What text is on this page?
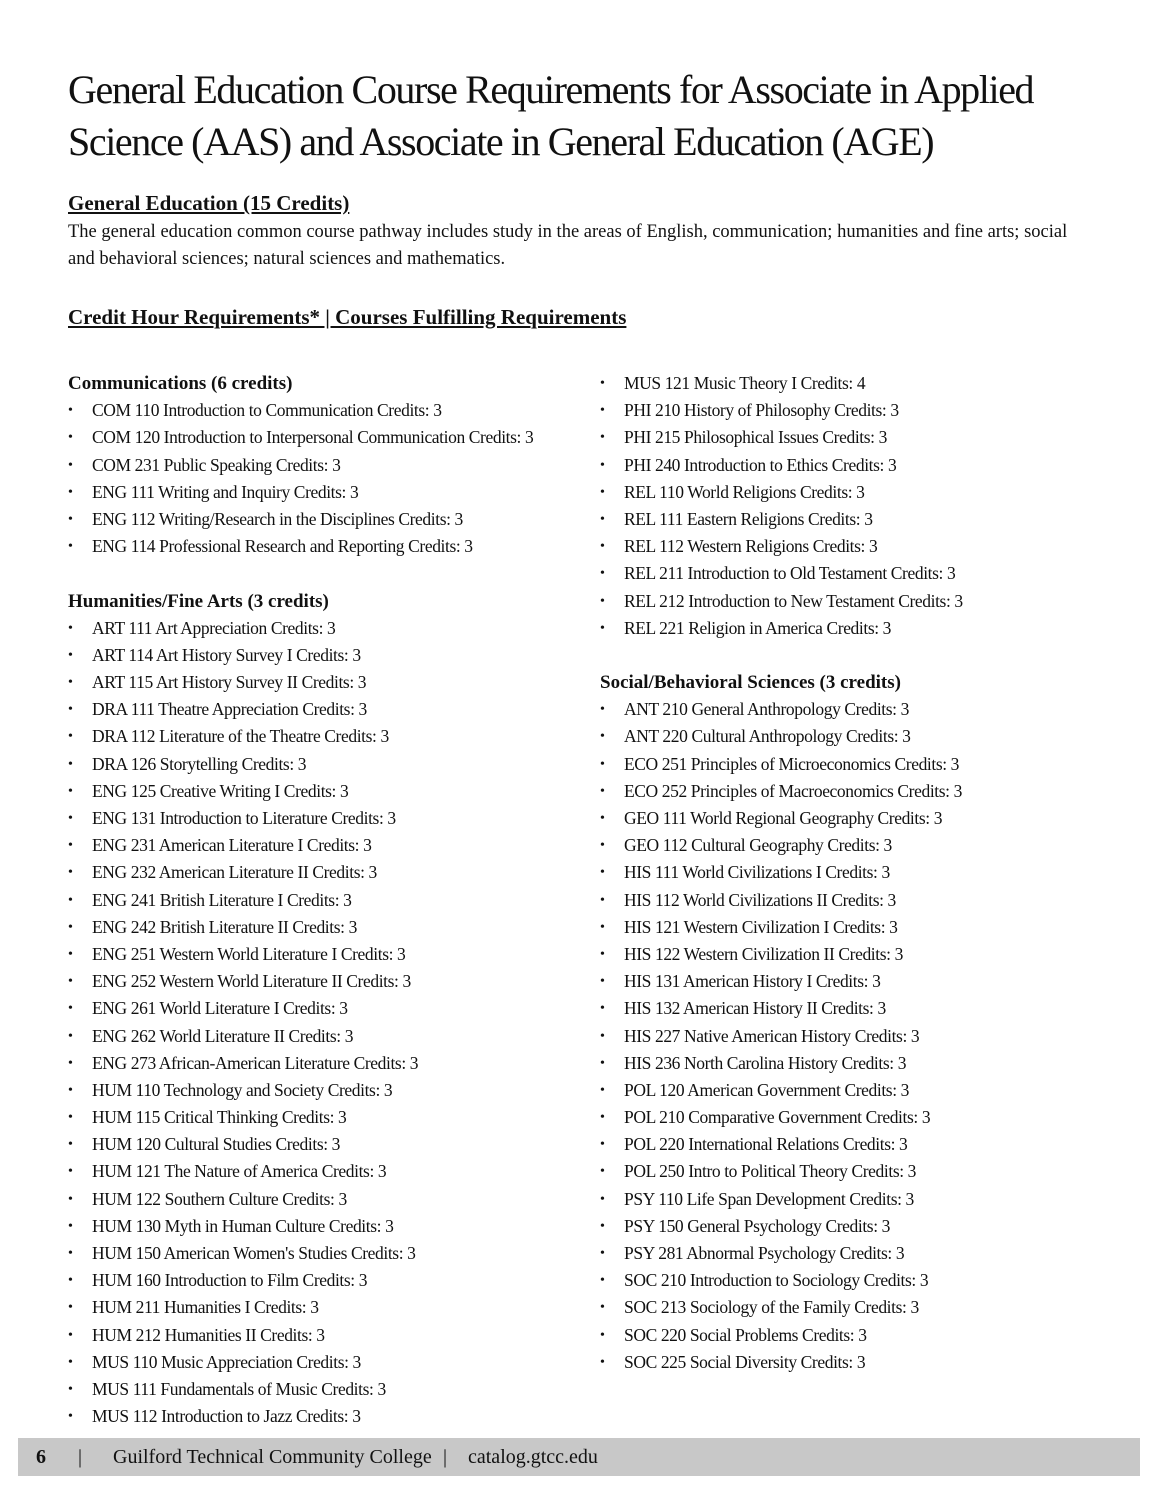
General Education Course Requirements for Associate in Applied Science (AAS) and Associate in General Education (AGE)
General Education (15 Credits)

The general education common course pathway includes study in the areas of English, communication; humanities and fine arts; social and behavioral sciences; natural sciences and mathematics.

Credit Hour Requirements* | Courses Fulfilling Requirements
Communications (6 credits)
• COM 110 Introduction to Communication Credits: 3
• COM 120 Introduction to Interpersonal Communication Credits: 3
• COM 231 Public Speaking Credits: 3
• ENG 111 Writing and Inquiry Credits: 3
• ENG 112 Writing/Research in the Disciplines Credits: 3
• ENG 114 Professional Research and Reporting Credits: 3
Humanities/Fine Arts (3 credits)
• ART 111 Art Appreciation Credits: 3
• ART 114 Art History Survey I Credits: 3
• ART 115 Art History Survey II Credits: 3
• DRA 111 Theatre Appreciation Credits: 3
• DRA 112 Literature of the Theatre Credits: 3
• DRA 126 Storytelling Credits: 3
• ENG 125 Creative Writing I Credits: 3
• ENG 131 Introduction to Literature Credits: 3
• ENG 231 American Literature I Credits: 3
• ENG 232 American Literature II Credits: 3
• ENG 241 British Literature I Credits: 3
• ENG 242 British Literature II Credits: 3
• ENG 251 Western World Literature I Credits: 3
• ENG 252 Western World Literature II Credits: 3
• ENG 261 World Literature I Credits: 3
• ENG 262 World Literature II Credits: 3
• ENG 273 African-American Literature Credits: 3
• HUM 110 Technology and Society Credits: 3
• HUM 115 Critical Thinking Credits: 3
• HUM 120 Cultural Studies Credits: 3
• HUM 121 The Nature of America Credits: 3
• HUM 122 Southern Culture Credits: 3
• HUM 130 Myth in Human Culture Credits: 3
• HUM 150 American Women's Studies Credits: 3
• HUM 160 Introduction to Film Credits: 3
• HUM 211 Humanities I Credits: 3
• HUM 212 Humanities II Credits: 3
• MUS 110 Music Appreciation Credits: 3
• MUS 111 Fundamentals of Music Credits: 3
• MUS 112 Introduction to Jazz Credits: 3
• MUS 121 Music Theory I Credits: 4
• PHI 210 History of Philosophy Credits: 3
• PHI 215 Philosophical Issues Credits: 3
• PHI 240 Introduction to Ethics Credits: 3
• REL 110 World Religions Credits: 3
• REL 111 Eastern Religions Credits: 3
• REL 112 Western Religions Credits: 3
• REL 211 Introduction to Old Testament Credits: 3
• REL 212 Introduction to New Testament Credits: 3
• REL 221 Religion in America Credits: 3
Social/Behavioral Sciences (3 credits)
• ANT 210 General Anthropology Credits: 3
• ANT 220 Cultural Anthropology Credits: 3
• ECO 251 Principles of Microeconomics Credits: 3
• ECO 252 Principles of Macroeconomics Credits: 3
• GEO 111 World Regional Geography Credits: 3
• GEO 112 Cultural Geography Credits: 3
• HIS 111 World Civilizations I Credits: 3
• HIS 112 World Civilizations II Credits: 3
• HIS 121 Western Civilization I Credits: 3
• HIS 122 Western Civilization II Credits: 3
• HIS 131 American History I Credits: 3
• HIS 132 American History II Credits: 3
• HIS 227 Native American History Credits: 3
• HIS 236 North Carolina History Credits: 3
• POL 120 American Government Credits: 3
• POL 210 Comparative Government Credits: 3
• POL 220 International Relations Credits: 3
• POL 250 Intro to Political Theory Credits: 3
• PSY 110 Life Span Development Credits: 3
• PSY 150 General Psychology Credits: 3
• PSY 281 Abnormal Psychology Credits: 3
• SOC 210 Introduction to Sociology Credits: 3
• SOC 213 Sociology of the Family Credits: 3
• SOC 220 Social Problems Credits: 3
• SOC 225 Social Diversity Credits: 3
6 | Guilford Technical Community College | catalog.gtcc.edu
